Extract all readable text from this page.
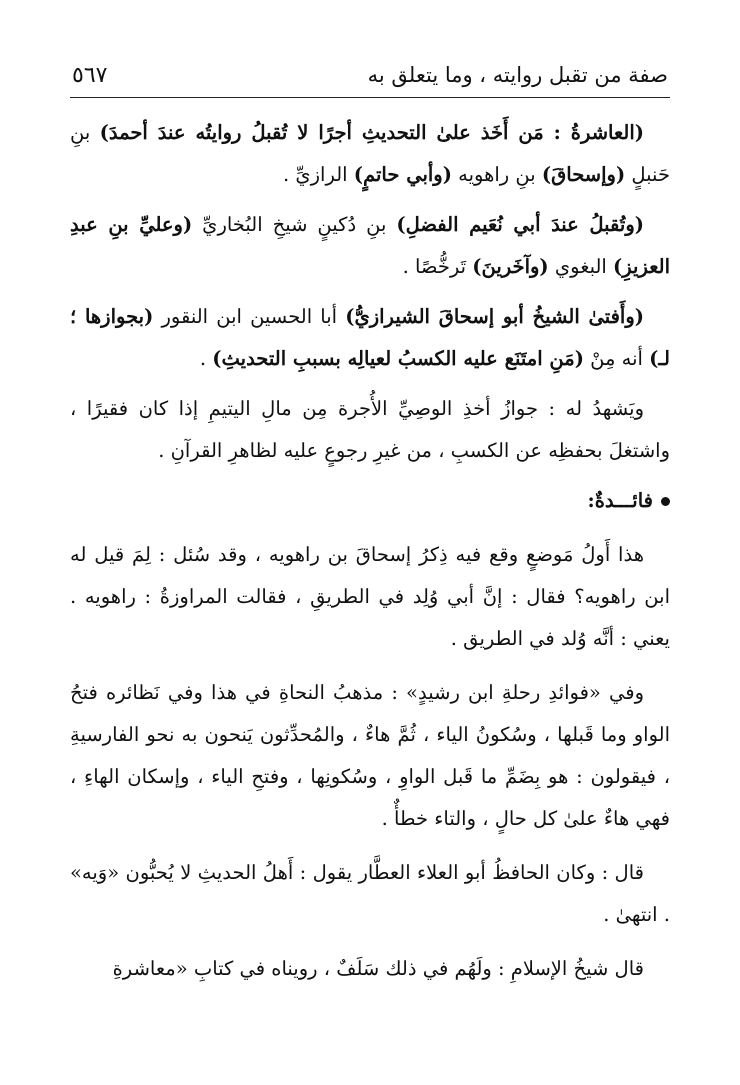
صفة من تقبل روايته ، وما يتعلق به
٥٦٧

(العاشرةُ : مَن أَخَذ علىٰ التحديثِ أجرًا لا تُقبلُ روايتُه عندَ أحمدَ) بنِ حَنبلٍ (وإسحاقَ) بنِ راهويه (وأبي حاتمٍ) الرازيِّ .

(وتُقبلُ عندَ أبي نُعَيم الفضلِ) بنِ دُكينٍ شيخِ البُخاريِّ (وعليِّ بنِ عبدِ العزيزِ) البغوي (وآخَرينَ) تَرخُّصًا .

(وأَفتىٰ الشيخُ أبو إسحاقَ الشيرازيُّ) أبا الحسين ابن النقور (بجوازها ؛ لـ) أنه مِنْ (مَنِ امتَنَع عليه الكسبُ لعيالِه بسببِ التحديثِ) .

ويَشهدُ له : جوازُ أخذِ الوصِيِّ الأُجرة مِن مالِ اليتيمِ إذا كان فقيرًا ، واشتغلَ بحفظِه عن الكسبِ ، من غيرِ رجوعٍ عليه لظاهرِ القرآنِ .

فائـــدةٌ:

هذا أَولُ مَوضعٍ وقع فيه ذِكرُ إسحاقَ بن راهويه ، وقد سُئل : لِمَ قيل له ابن راهويه؟ فقال : إنَّ أبي وُلِد في الطريقِ ، فقالت المراوزةُ : راهويه . يعني : أنَّه وُلد في الطريق .

وفي «فوائدِ رحلةِ ابن رشيدٍ» : مذهبُ النحاةِ في هذا وفي نَظائره فتحُ الواو وما قَبلها ، وسُكونُ الياء ، ثُمَّ هاءٌ ، والمُحدِّثون يَنحون به نحو الفارسيةِ ، فيقولون : هو بِضَمِّ ما قَبل الواوِ ، وسُكونِها ، وفتحِ الياء ، وإسكان الهاءِ ، فهي هاءٌ علىٰ كل حالٍ ، والتاء خطأٌ .

قال : وكان الحافظُ أبو العلاء العطَّار يقول : أَهلُ الحديثِ لا يُحبُّون «وَيه» . انتهىٰ .

قال شيخُ الإسلامِ : ولَهُم في ذلك سَلَفٌ ، رويناه في كتابِ «معاشرةِ
